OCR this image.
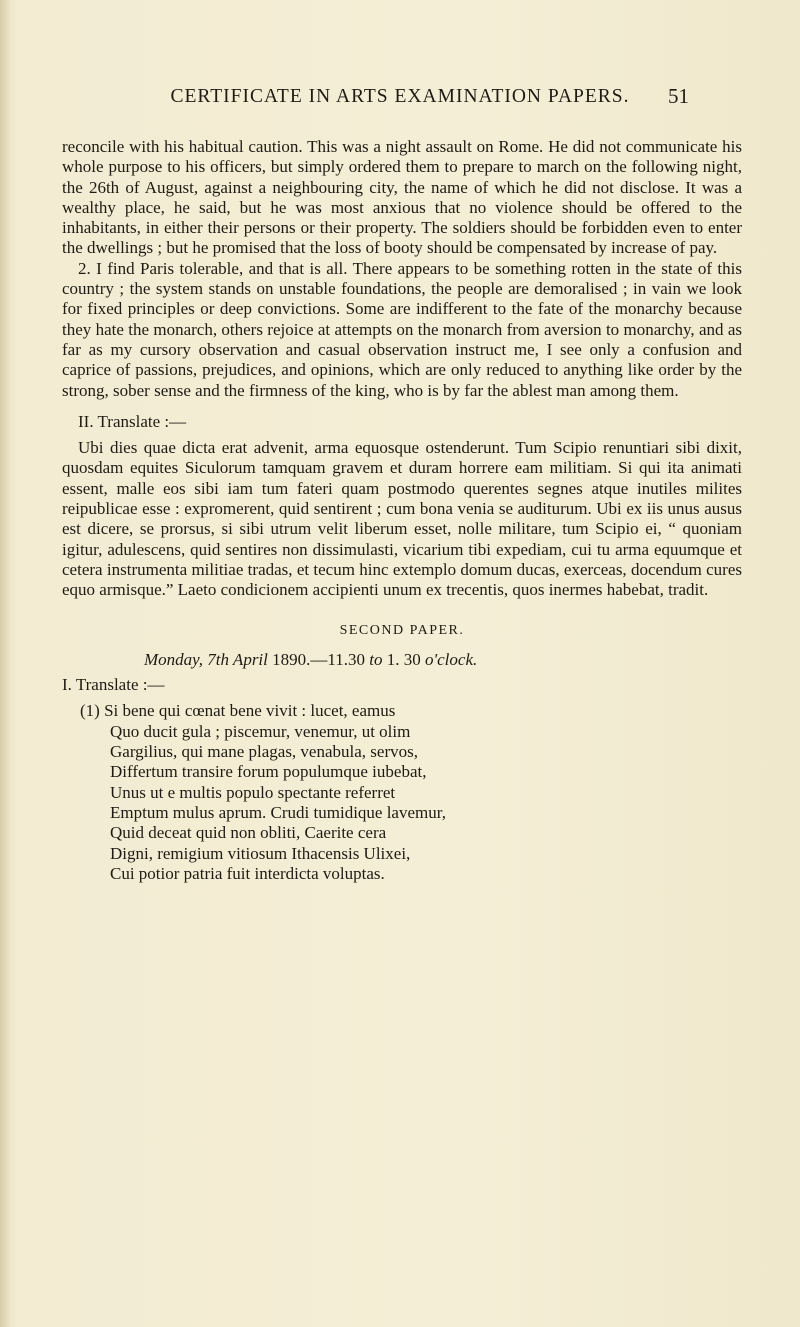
CERTIFICATE IN ARTS EXAMINATION PAPERS.	51

reconcile with his habitual caution. This was a night assault on Rome. He did not communicate his whole purpose to his officers, but simply ordered them to prepare to march on the following night, the 26th of August, against a neighbouring city, the name of which he did not disclose. It was a wealthy place, he said, but he was most anxious that no violence should be offered to the inhabitants, in either their persons or their property. The soldiers should be forbidden even to enter the dwellings ; but he promised that the loss of booty should be compensated by increase of pay.

2. I find Paris tolerable, and that is all. There appears to be something rotten in the state of this country ; the system stands on unstable foundations, the people are demoralised ; in vain we look for fixed principles or deep convictions. Some are indifferent to the fate of the monarchy because they hate the monarch, others rejoice at attempts on the monarch from aversion to monarchy, and as far as my cursory observation and casual observation instruct me, I see only a confusion and caprice of passions, prejudices, and opinions, which are only reduced to anything like order by the strong, sober sense and the firmness of the king, who is by far the ablest man among them.

II. Translate :—

Ubi dies quae dicta erat advenit, arma equosque ostenderunt. Tum Scipio renuntiari sibi dixit, quosdam equites Siculorum tamquam gravem et duram horrere eam militiam. Si qui ita animati essent, malle eos sibi iam tum fateri quam postmodo querentes segnes atque inutiles milites reipublicae esse : expromerent, quid sentirent ; cum bona venia se auditurum. Ubi ex iis unus ausus est dicere, se prorsus, si sibi utrum velit liberum esset, nolle militare, tum Scipio ei, “ quoniam igitur, adulescens, quid sentires non dissimulasti, vicarium tibi expediam, cui tu arma equumque et cetera instrumenta militiae tradas, et tecum hinc extemplo domum ducas, exerceas, docendum cures equo armisque.” Laeto condicionem accipienti unum ex trecentis, quos inermes habebat, tradit.

SECOND PAPER.
Monday, 7th April 1890.—11.30 to 1. 30 o'clock.

I. Translate :—

(1) Si bene qui cœnat bene vivit : lucet, eamus
Quo ducit gula ; piscemur, venemur, ut olim
Gargilius, qui mane plagas, venabula, servos,
Differtum transire forum populumque iubebat,
Unus ut e multis populo spectante referret
Emptum mulus aprum. Crudi tumidique lavemur,
Quid deceat quid non obliti, Caerite cera
Digni, remigium vitiosum Ithacensis Ulixei,
Cui potior patria fuit interdicta voluptas.
